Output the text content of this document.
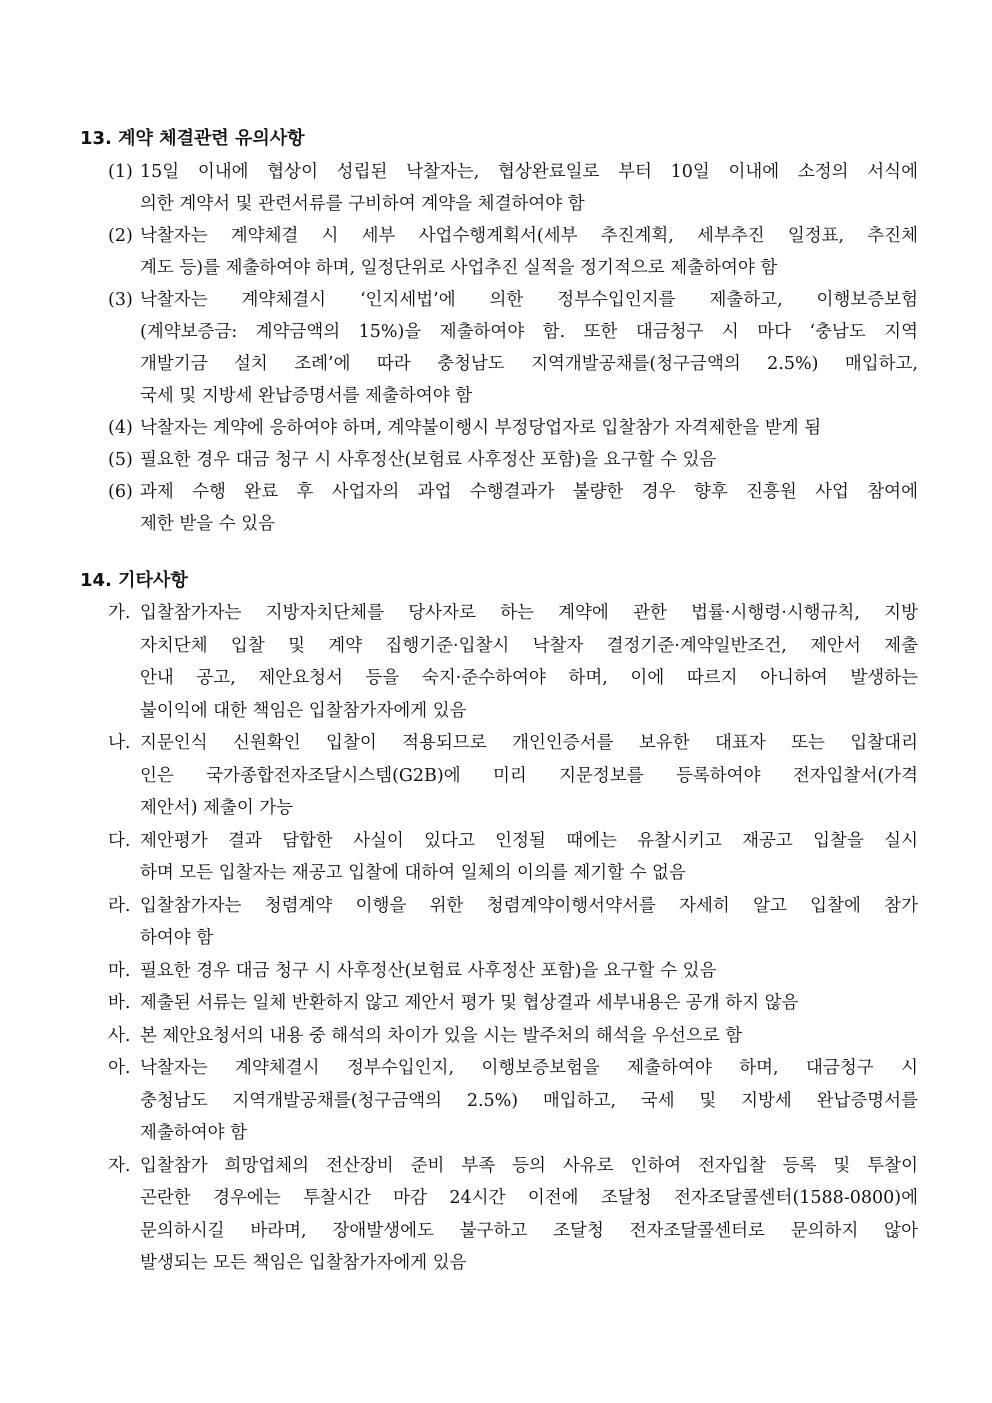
13. 계약 체결관련 유의사항
(1) 15일 이내에 협상이 성립된 낙찰자는, 협상완료일로 부터 10일 이내에 소정의 서식에
의한 계약서 및 관련서류를 구비하여 계약을 체결하여야 함
(2) 낙찰자는 계약체결 시 세부 사업수행계획서(세부 추진계획, 세부추진 일정표, 추진체
계도 등)를 제출하여야 하며, 일정단위로 사업추진 실적을 정기적으로 제출하여야 함
(3) 낙찰자는 계약체결시 ‘인지세법’에 의한 정부수입인지를 제출하고, 이행보증보험
(계약보증금: 계약금액의 15%)을 제출하여야 함. 또한 대금청구 시 마다 ‘충남도 지역
개발기금 설치 조례’에 따라 충청남도 지역개발공채를(청구금액의 2.5%) 매입하고,
국세 및 지방세 완납증명서를 제출하여야 함
(4) 낙찰자는 계약에 응하여야 하며, 계약불이행시 부정당업자로 입찰참가 자격제한을 받게 됨
(5) 필요한 경우 대금 청구 시 사후정산(보험료 사후정산 포함)을 요구할 수 있음
(6) 과제 수행 완료 후 사업자의 과업 수행결과가 불량한 경우 향후 진흥원 사업 참여에
제한 받을 수 있음
14. 기타사항
가. 입찰참가자는 지방자치단체를 당사자로 하는 계약에 관한 법률·시행령·시행규칙, 지방
자치단체 입찰 및 계약 집행기준·입찰시 낙찰자 결정기준·계약일반조건, 제안서 제출
안내 공고, 제안요청서 등을 숙지·준수하여야 하며, 이에 따르지 아니하여 발생하는
불이익에 대한 책임은 입찰참가자에게 있음
나. 지문인식 신원확인 입찰이 적용되므로 개인인증서를 보유한 대표자 또는 입찰대리
인은 국가종합전자조달시스템(G2B)에 미리 지문정보를 등록하여야 전자입찰서(가격
제안서) 제출이 가능
다. 제안평가 결과 담합한 사실이 있다고 인정될 때에는 유찰시키고 재공고 입찰을 실시
하며 모든 입찰자는 재공고 입찰에 대하여 일체의 이의를 제기할 수 없음
라. 입찰참가자는 청렴계약 이행을 위한 청렴계약이행서약서를 자세히 알고 입찰에 참가
하여야 함
마. 필요한 경우 대금 청구 시 사후정산(보험료 사후정산 포함)을 요구할 수 있음
바. 제출된 서류는 일체 반환하지 않고 제안서 평가 및 협상결과 세부내용은 공개 하지 않음
사. 본 제안요청서의 내용 중 해석의 차이가 있을 시는 발주처의 해석을 우선으로 함
아. 낙찰자는 계약체결시 정부수입인지, 이행보증보험을 제출하여야 하며, 대금청구 시
충청남도 지역개발공채를(청구금액의 2.5%) 매입하고, 국세 및 지방세 완납증명서를
제출하여야 함
자. 입찰참가 희망업체의 전산장비 준비 부족 등의 사유로 인하여 전자입찰 등록 및 투찰이
곤란한 경우에는 투찰시간 마감 24시간 이전에 조달청 전자조달콜센터(1588-0800)에
문의하시길 바라며, 장애발생에도 불구하고 조달청 전자조달콜센터로 문의하지 않아
발생되는 모든 책임은 입찰참가자에게 있음
